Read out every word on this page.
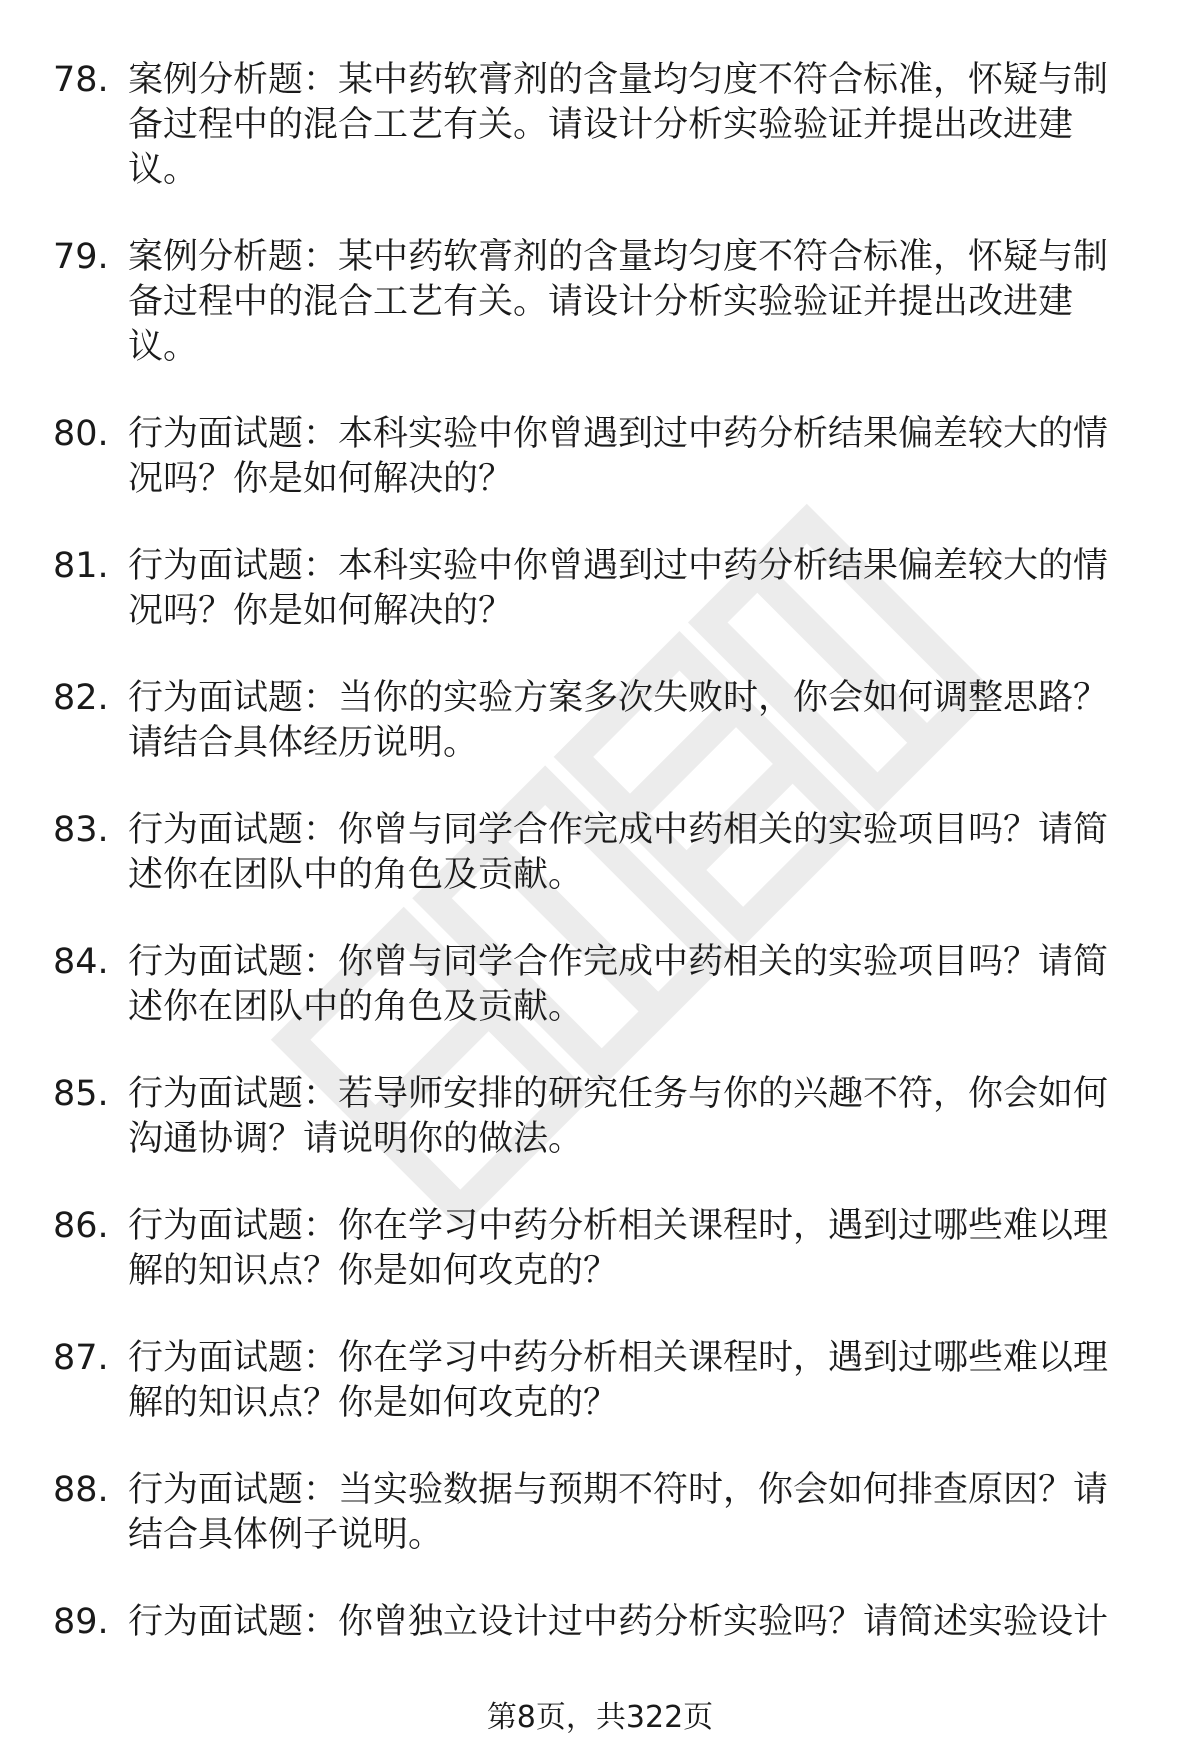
78. 案例分析题：某中药软膏剂的含量均匀度不符合标准，怀疑与制备过程中的混合工艺有关。请设计分析实验验证并提出改进建议。
79. 案例分析题：某中药软膏剂的含量均匀度不符合标准，怀疑与制备过程中的混合工艺有关。请设计分析实验验证并提出改进建议。
80. 行为面试题：本科实验中你曾遇到过中药分析结果偏差较大的情况吗？你是如何解决的？
81. 行为面试题：本科实验中你曾遇到过中药分析结果偏差较大的情况吗？你是如何解决的？
82. 行为面试题：当你的实验方案多次失败时，你会如何调整思路？请结合具体经历说明。
83. 行为面试题：你曾与同学合作完成中药相关的实验项目吗？请简述你在团队中的角色及贡献。
84. 行为面试题：你曾与同学合作完成中药相关的实验项目吗？请简述你在团队中的角色及贡献。
85. 行为面试题：若导师安排的研究任务与你的兴趣不符，你会如何沟通协调？请说明你的做法。
86. 行为面试题：你在学习中药分析相关课程时，遇到过哪些难以理解的知识点？你是如何攻克的？
87. 行为面试题：你在学习中药分析相关课程时，遇到过哪些难以理解的知识点？你是如何攻克的？
88. 行为面试题：当实验数据与预期不符时，你会如何排查原因？请结合具体例子说明。
89. 行为面试题：你曾独立设计过中药分析实验吗？请简述实验设计
第8页，共322页
